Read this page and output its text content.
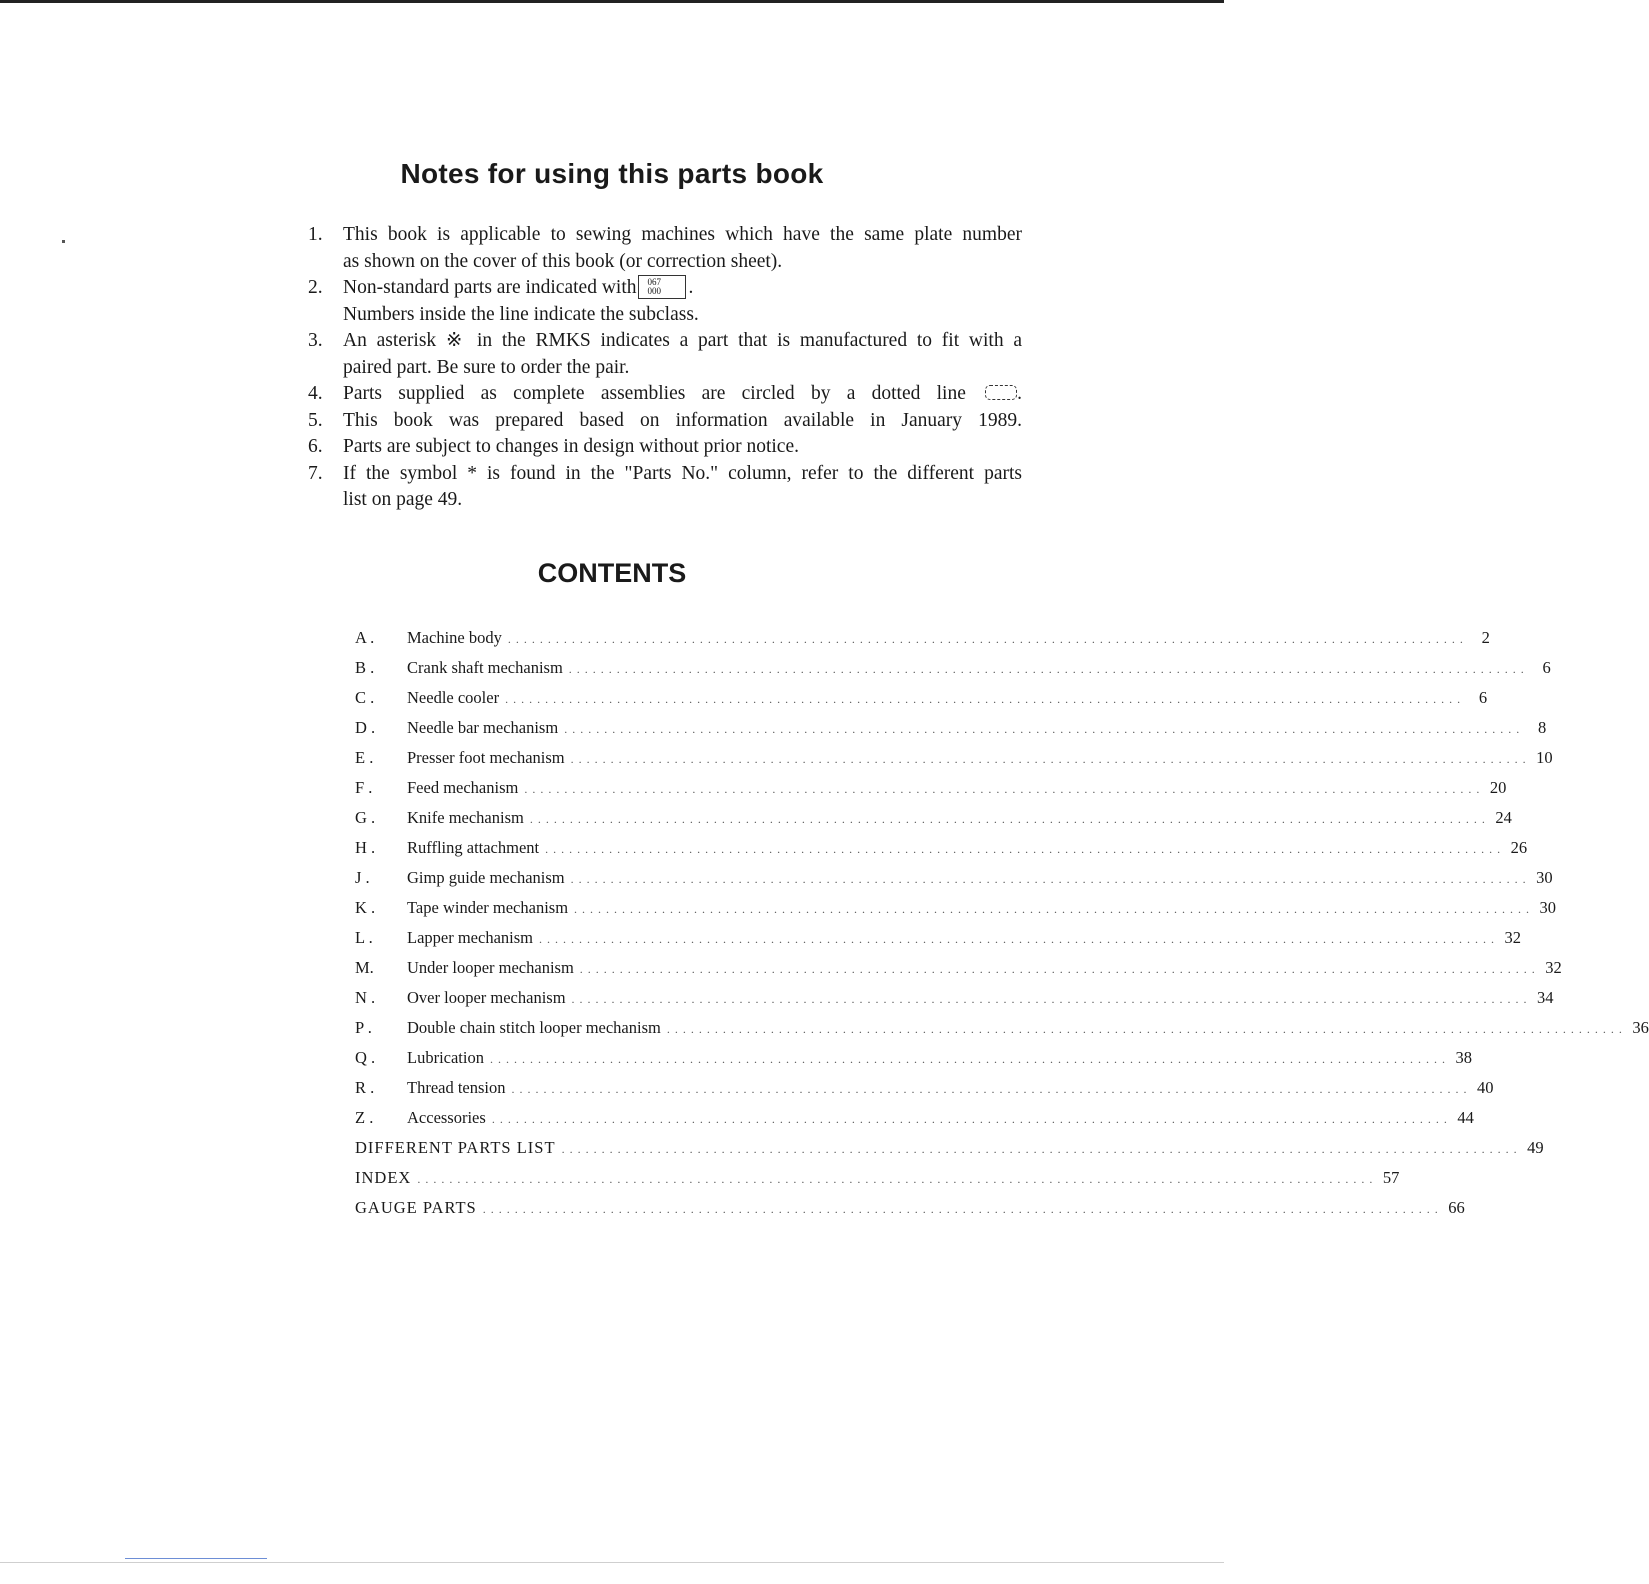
Notes for using this parts book
1. This book is applicable to sewing machines which have the same plate number
as shown on the cover of this book (or correction sheet).
2. Non-standard parts are indicated with 067
000 .
Numbers inside the line indicate the subclass.
3. An asterisk ※ in the RMKS indicates a part that is manufactured to fit with a
paired part. Be sure to order the pair.
4. Parts supplied as complete assemblies are circled by a dotted line	.
5. This book was prepared based on information available in January 1989.
6. Parts are subject to changes in design without prior notice.
7. If the symbol * is found in the "Parts No." column, refer to the different parts
list on page 49.
CONTENTS
A .	Machine body . . . . . . . . . . . . . . . . . . . . . . . . . . . . . . . . . . . . . . . . . . . . . . . . . . . . . . . . . . . . . . . . . . . . . . . . . . . . . . . . . . . . . . . . . . . . . . . . . . . . . . . . . . . . . . . . . . . . . . . .	2
B .	Crank shaft mechanism . . . . . . . . . . . . . . . . . . . . . . . . . . . . . . . . . . . . . . . . . . . . . . . . . . . . . . . . . . . . . . . . . . . . . . . . . . . . . . . . . . . . . . . . . . . . . . . . . . . . . . . . . . . . . . . . . . . . . . . .	6
C .	Needle cooler . . . . . . . . . . . . . . . . . . . . . . . . . . . . . . . . . . . . . . . . . . . . . . . . . . . . . . . . . . . . . . . . . . . . . . . . . . . . . . . . . . . . . . . . . . . . . . . . . . . . . . . . . . . . . . . . . . . . . . . .	6
D .	Needle bar mechanism . . . . . . . . . . . . . . . . . . . . . . . . . . . . . . . . . . . . . . . . . . . . . . . . . . . . . . . . . . . . . . . . . . . . . . . . . . . . . . . . . . . . . . . . . . . . . . . . . . . . . . . . . . . . . . . . . . . . . . . .	8
E .	Presser foot mechanism . . . . . . . . . . . . . . . . . . . . . . . . . . . . . . . . . . . . . . . . . . . . . . . . . . . . . . . . . . . . . . . . . . . . . . . . . . . . . . . . . . . . . . . . . . . . . . . . . . . . . . . . . . . . . . . . . . . . . . . . 10
F .	Feed mechanism . . . . . . . . . . . . . . . . . . . . . . . . . . . . . . . . . . . . . . . . . . . . . . . . . . . . . . . . . . . . . . . . . . . . . . . . . . . . . . . . . . . . . . . . . . . . . . . . . . . . . . . . . . . . . . . . . . . . . . . . 20
G .	Knife mechanism . . . . . . . . . . . . . . . . . . . . . . . . . . . . . . . . . . . . . . . . . . . . . . . . . . . . . . . . . . . . . . . . . . . . . . . . . . . . . . . . . . . . . . . . . . . . . . . . . . . . . . . . . . . . . . . . . . . . . . . . 24
H .	Ruffling attachment . . . . . . . . . . . . . . . . . . . . . . . . . . . . . . . . . . . . . . . . . . . . . . . . . . . . . . . . . . . . . . . . . . . . . . . . . . . . . . . . . . . . . . . . . . . . . . . . . . . . . . . . . . . . . . . . . . . . . . . . 26
J .	Gimp guide mechanism . . . . . . . . . . . . . . . . . . . . . . . . . . . . . . . . . . . . . . . . . . . . . . . . . . . . . . . . . . . . . . . . . . . . . . . . . . . . . . . . . . . . . . . . . . . . . . . . . . . . . . . . . . . . . . . . . . . . . . . . 30
K .	Tape winder mechanism . . . . . . . . . . . . . . . . . . . . . . . . . . . . . . . . . . . . . . . . . . . . . . . . . . . . . . . . . . . . . . . . . . . . . . . . . . . . . . . . . . . . . . . . . . . . . . . . . . . . . . . . . . . . . . . . . . . . . . . . 30
L .	Lapper mechanism . . . . . . . . . . . . . . . . . . . . . . . . . . . . . . . . . . . . . . . . . . . . . . . . . . . . . . . . . . . . . . . . . . . . . . . . . . . . . . . . . . . . . . . . . . . . . . . . . . . . . . . . . . . . . . . . . . . . . . . . 32
M.	Under looper mechanism . . . . . . . . . . . . . . . . . . . . . . . . . . . . . . . . . . . . . . . . . . . . . . . . . . . . . . . . . . . . . . . . . . . . . . . . . . . . . . . . . . . . . . . . . . . . . . . . . . . . . . . . . . . . . . . . . . . . . . . . 32
N .	Over looper mechanism . . . . . . . . . . . . . . . . . . . . . . . . . . . . . . . . . . . . . . . . . . . . . . . . . . . . . . . . . . . . . . . . . . . . . . . . . . . . . . . . . . . . . . . . . . . . . . . . . . . . . . . . . . . . . . . . . . . . . . . . 34
P .	Double chain stitch looper mechanism . . . . . . . . . . . . . . . . . . . . . . . . . . . . . . . . . . . . . . . . . . . . . . . . . . . . . . . . . . . . . . . . . . . . . . . . . . . . . . . . . . . . . . . . . . . . . . . . . . . . . . . . . . . . . . . . . . . . . . . . 36
Q .	Lubrication . . . . . . . . . . . . . . . . . . . . . . . . . . . . . . . . . . . . . . . . . . . . . . . . . . . . . . . . . . . . . . . . . . . . . . . . . . . . . . . . . . . . . . . . . . . . . . . . . . . . . . . . . . . . . . . . . . . . . . . . 38
R .	Thread tension . . . . . . . . . . . . . . . . . . . . . . . . . . . . . . . . . . . . . . . . . . . . . . . . . . . . . . . . . . . . . . . . . . . . . . . . . . . . . . . . . . . . . . . . . . . . . . . . . . . . . . . . . . . . . . . . . . . . . . . . 40
Z .	Accessories . . . . . . . . . . . . . . . . . . . . . . . . . . . . . . . . . . . . . . . . . . . . . . . . . . . . . . . . . . . . . . . . . . . . . . . . . . . . . . . . . . . . . . . . . . . . . . . . . . . . . . . . . . . . . . . . . . . . . . . . 44
DIFFERENT PARTS LIST . . . . . . . . . . . . . . . . . . . . . . . . . . . . . . . . . . . . . . . . . . . . . . . . . . . . . . . . . . . . . . . . . . . . . . . . . . . . . . . . . . . . . . . . . . . . . . . . . . . . . . . . . . . . . . . . . . . . . . . . 49
INDEX . . . . . . . . . . . . . . . . . . . . . . . . . . . . . . . . . . . . . . . . . . . . . . . . . . . . . . . . . . . . . . . . . . . . . . . . . . . . . . . . . . . . . . . . . . . . . . . . . . . . . . . . . . . . . . . . . . . . . . . . 57
GAUGE PARTS . . . . . . . . . . . . . . . . . . . . . . . . . . . . . . . . . . . . . . . . . . . . . . . . . . . . . . . . . . . . . . . . . . . . . . . . . . . . . . . . . . . . . . . . . . . . . . . . . . . . . . . . . . . . . . . . . . . . . . . . 66
